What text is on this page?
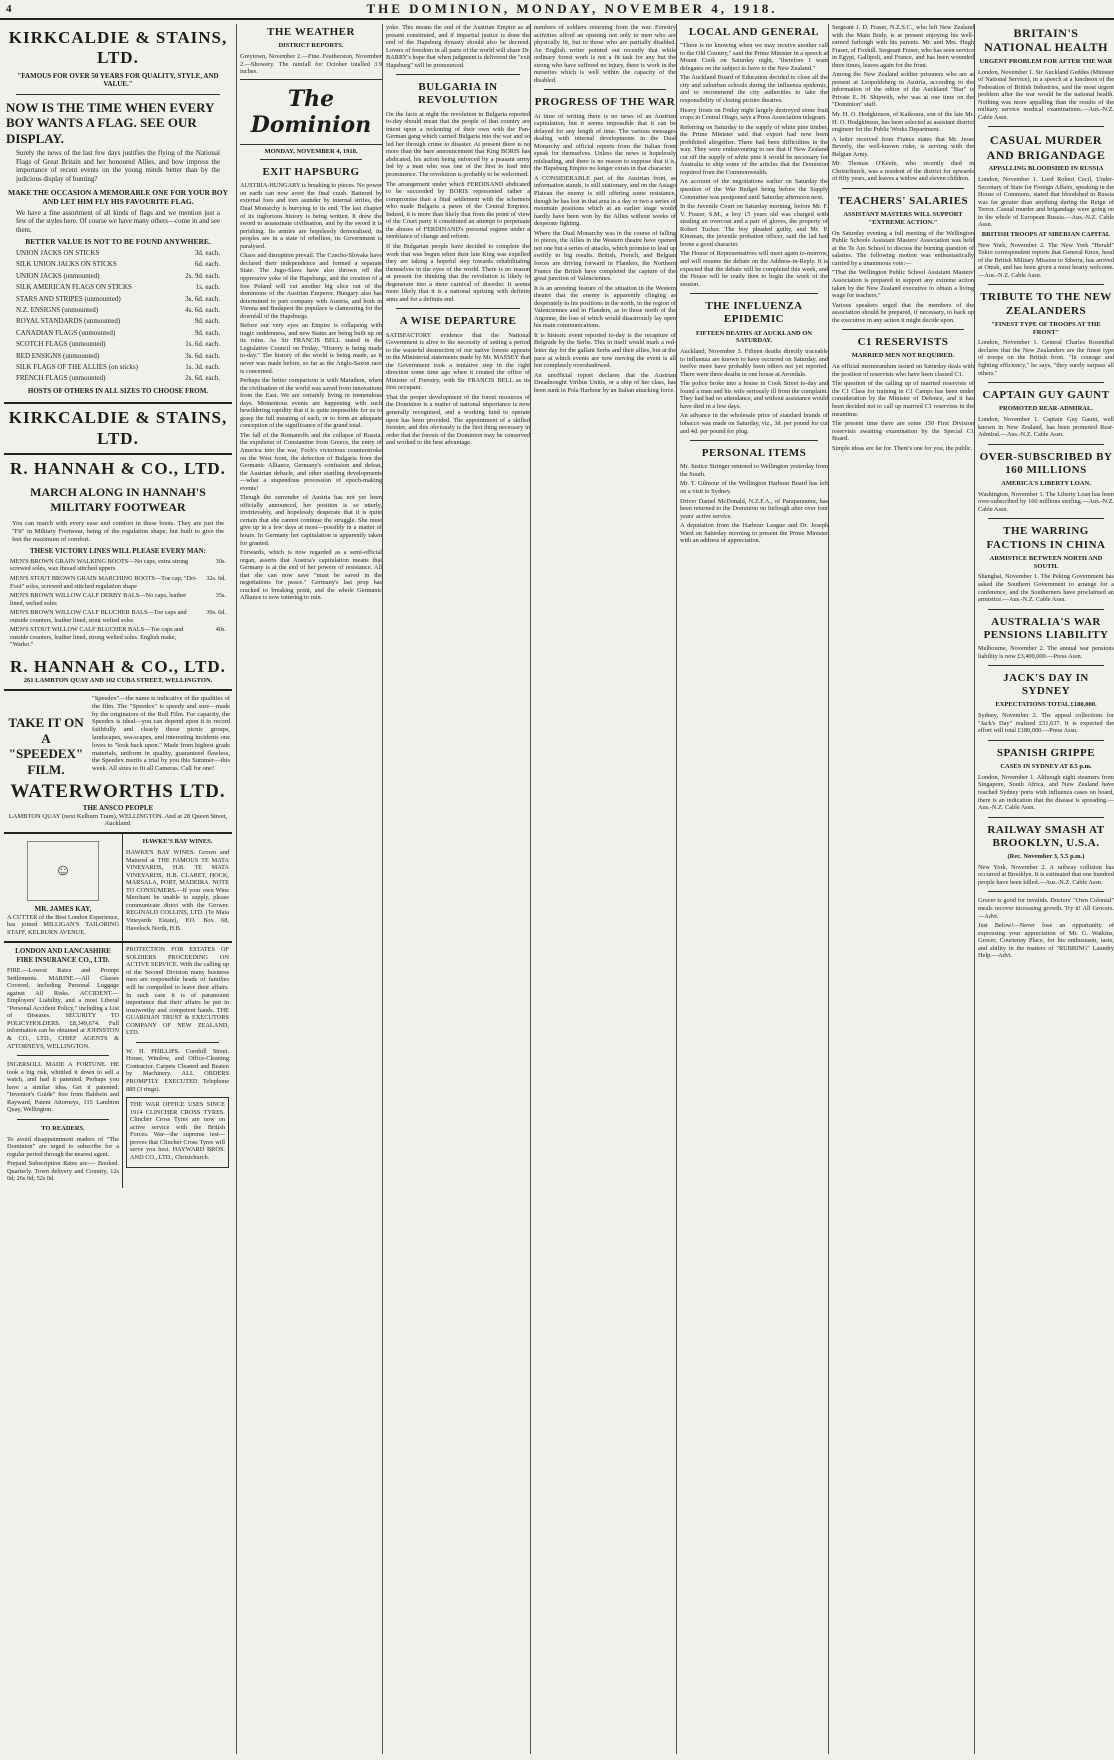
4	THE DOMINION, MONDAY, NOVEMBER 4, 1918.
KIRKCALDIE & STAINS, LTD.
"FAMOUS FOR OVER 50 YEARS FOR QUALITY, STYLE, AND VALUE."
NOW IS THE TIME WHEN EVERY BOY WANTS A FLAG. SEE OUR DISPLAY.

Surely the news of the last few days justifies the flying of the National Flags of Great Britain and her honoured Allies, and how impress the importance of recent events on the young minds better than by the judicious display of bunting?

MAKE THE OCCASION A MEMORABLE ONE FOR YOUR BOY AND LET HIM FLY HIS FAVOURITE FLAG.

We have a fine assortment of all kinds of flags and we mention just a few of the styles here. Of course we have many others—come in and see them.

BETTER VALUE IS NOT TO BE FOUND ANYWHERE.
UNION JACKS ON STICKS	3d. each.
SILK UNION JACKS ON STICKS	6d. each.
UNION JACKS (unmounted)	2s. 9d. each.
SILK AMERICAN FLAGS ON STICKS	1s. each.
STARS AND STRIPES (unmounted)	3s. 6d. each.
N.Z. ENSIGNS (unmounted)	4s. 6d. each.
ROYAL STANDARDS (unmounted)	9d. each.
CANADIAN FLAGS (unmounted)	9d. each.
SCOTCH FLAGS (unmounted)	1s. 6d. each.
RED ENSIGNS (unmounted)	3s. 6d. each.
SILK FLAGS OF THE ALLIES (on sticks)	1s. 3d. each.
FRENCH FLAGS (unmounted)	2s. 6d. each.
HOSTS OF OTHERS IN ALL SIZES TO CHOOSE FROM.
KIRKCALDIE & STAINS, LTD.
R. HANNAH & CO., LTD.
MARCH ALONG IN HANNAH'S MILITARY FOOTWEAR

You can march with every ease and comfort in these boots. They are just the "Fit" in Military Footwear, being of the regulation shape, but built to give the feet the maximum of comfort.

THESE VICTORY LINES WILL PLEASE EVERY MAN:
MEN'S BROWN GRAIN WALKING BOOTS—No caps, extra strong screwed soles, wax thread stitched uppers
30s.
MEN'S STOUT BROWN GRAIN MARCHING BOOTS—Toe cap, "Dri-Foot" soles, screwed and stitched regulation shape
32s. 6d.
MEN'S BROWN WILLOW CALF DERBY BALS—No caps, leather lined, welted soles
35s.
MEN'S BROWN WILLOW CALF BLUCHER BALS—Toe caps and outside counters, leather lined, stout welted soles
39s. 6d.
MEN'S STOUT WILLOW CALF BLUCHER BALS—Toe caps and outside counters, leather lined, strong welted soles. English make, "Warko."
40s.
R. HANNAH & CO., LTD.
261 LAMBTON QUAY AND 102 CUBA STREET, WELLINGTON.
TAKE IT ON A "SPEEDEX" FILM.

"Speedex"—the name is indicative of the qualities of the film. The "Speedex" is speedy and sure—made by the originators of the Roll Film. For capacity, the Speedex is ideal—you can depend upon it to record faithfully and clearly those picnic groups, landscapes, sea-scapes, and interesting incidents one loves to "look back upon." Made from highest grade materials, uniform in quality, guaranteed flawless, the Speedex merits a trial by you this Summer—this week. All sizes to fit all Cameras. Call for one!

WATERWORTHS LTD.
THE ANSCO PEOPLE
LAMBTON QUAY (next Kelburn Tram), WELLINGTON. And at 28 Queen Street, Auckland.
☺
MR. JAMES KAY,

A CUTTER of the Best London Experience, has joined MILLIGAN'S TAILORING STAFF, KELBURN AVENUE.

HAWKE'S BAY WINES.

HAWKE'S BAY WINES. Grown and Matured at THE FAMOUS TE MATA VINEYARDS, H.B. TE MATA VINEYARDS, H.B. CLARET, HOCK, MARSALA, PORT, MADEIRA. NOTE TO CONSUMERS.—If your own Wine Merchant be unable to supply, please communicate direct with the Grower. REGINALD COLLINS, LTD. (Te Mata Vineyards Estate), P.O. Box 68, Havelock North, H.B.

LONDON AND LANCASHIRE FIRE INSURANCE CO., LTD.

FIRE.—Lowest Rates and Prompt Settlements. MARINE.—All Classes Covered, including Personal Luggage against All Risks. ACCIDENT.—Employers' Liability, and a most Liberal "Personal Accident Policy," including a List of Diseases. SECURITY TO POLICYHOLDERS. £8,349,674. Full information can be obtained at JOHNSTON & CO., LTD., CHIEF AGENTS & ATTORNEYS, WELLINGTON.

INGERSOLL MADE A FORTUNE. HE took a big risk, whittled it down to sell a watch, and had it patented. Perhaps you have a similar idea. Get it patented. "Inventor's Guide" free from Baldwin and Rayward, Patent Attorneys, 115 Lambton Quay, Wellington.

TO READERS.

To avoid disappointment readers of "The Dominion" are urged to subscribe for a regular period through the nearest agent.

Prepaid Subscription Rates are:— Booked. Quarterly. Town delivery and Country, 12s 0d; 26s 0d; 52s 0d.

PROTECTION FOR ESTATES OF SOLDIERS PROCEEDING ON ACTIVE SERVICE. With the calling up of the Second Division many business men are responsible heads of families will be compelled to leave their affairs. In such case it is of paramount importance that their affairs be put in trustworthy and competent hands. THE GUARDIAN TRUST & EXECUTORS COMPANY OF NEW ZEALAND, LTD.

W. H. PHILLIPS. Cornhill Street. House, Window, and Office-Cleaning Contractor. Carpets Cleaned and Beaten by Machinery. ALL ORDERS PROMPTLY EXECUTED Telephone 889 (3 rings).

THE WAR OFFICE USES SINCE 1914 CLINCHER CROSS TYRES. Clincher Cross Tyres are now on active service with the British Forces. War—the supreme test—proves that Clincher Cross Tyres will serve you best. HAYWARD BROS. AND CO., LTD., Christchurch.

THE WEATHER
DISTRICT REPORTS.

Greytown, November 2.—Fine. Featherston, November 2.—Showery. The rainfall for October totalled 3.9 inches.

The Dominion
MONDAY, NOVEMBER 4, 1918.
EXIT HAPSBURG

AUSTRIA-HUNGARY is breaking to pieces. No power on earth can now avert the final crash. Battered by external foes and torn asunder by internal strifes, the Dual Monarchy is hurrying to its end. The last chapter of its inglorious history is being written. It drew the sword to assassinate civilisation, and by the sword it is perishing. Its armies are hopelessly demoralised, its peoples are in a state of rebellion, its Government is paralysed.

Chaos and disruption prevail. The Czecho-Slovaks have declared their independence and formed a separate State. The Jugo-Slavs have also thrown off the oppressive yoke of the Hapsburgs, and the creation of a free Poland will cut another big slice out of the dominions of the Austrian Emperor. Hungary also has determined to part company with Austria, and both in Vienna and Budapest the populace is clamouring for the downfall of the Hapsburgs.

Before our very eyes an Empire is collapsing with tragic suddenness, and new States are being built up on its ruins. As Sir FRANCIS BELL stated in the Legislative Council on Friday, "History is being made to-day." The history of the world is being made, as it never was made before, so far as the Anglo-Saxon race is concerned.

Perhaps the better comparison is with Marathon, when the civilisation of the world was saved from innovations from the East. We are certainly living in tremendous days. Momentous events are happening with such bewildering rapidity that it is quite impossible for us to grasp the full meaning of each, or to form an adequate conception of the significance of the grand total.

The fall of the Romanoffs and the collapse of Russia, the expulsion of Constantine from Greece, the entry of America into the war, Foch's victorious counterstroke on the West front, the defection of Bulgaria from the Germanic Alliance, Germany's confusion and defeat, the Austrian debacle, and other startling developments—what a stupendous procession of epoch-making events!

Though the surrender of Austria has not yet been officially announced, her position is so utterly, irretrievably, and hopelessly desperate that it is quite certain that she cannot continue the struggle. She must give up in a few days at most—possibly in a matter of hours. In Germany her capitulation is apparently taken for granted.

Forwards, which is now regarded as a semi-official organ, asserts that Austria's capitulation means that Germany is at the end of her powers of resistance. All that she can now save "must be saved in the negotiations for peace." Germany's last prop has cracked to breaking point, and the whole Germanic Alliance is now tottering to ruin.

yoke. This means the end of the Austrian Empire as at present constituted, and if impartial justice is done the end of the Hapsburg dynasty should also be decreed. Lovers of freedom in all parts of the world will share Dr. BARRY's hope that when judgment is delivered the "exit Hapsburg" will be pronounced.

BULGARIA IN REVOLUTION

On the facts at night the revolution in Bulgaria reported to-day should mean that the people of that country are intent upon a reckoning of their own with the Pan-German gang which carried Bulgaria into the war and so led her through crime to disaster. At present there is no more than the bare announcement that King BORIS has abdicated, his action being enforced by a peasant army led by a man who was one of the first to lead into prominence. The revolution is probably to be welcomed.

The arrangement under which FERDINAND abdicated to be succeeded by BORIS represented rather a compromise than a final settlement with the schemers who made Bulgaria a pawn of the Central Empires. Indeed, it is more than likely that from the point of view of the Court party it constituted an attempt to perpetuate the abuses of FERDINAND's personal regime under a semblance of change and reform.

If the Bulgarian people have decided to complete the work that was begun when their late King was expelled they are taking a hopeful step towards rehabilitating themselves in the eyes of the world. There is no reason at present for thinking that the revolution is likely to degenerate into a mere carnival of disorder. It seems more likely that it is a national uprising with definite aims and for a definite end.

A WISE DEPARTURE

SATISFACTORY evidence that the National Government is alive to the necessity of setting a period to the wasteful destruction of our native forests appears in the Ministerial statements made by Mr. MASSEY that the Government took a tentative step in the right direction some time ago when it created the office of Minister of Forestry, with Sir FRANCIS BELL as its first occupant.

That the proper development of the forest resources of the Dominion is a matter of national importance is now generally recognised, and a working fund to operate upon has been provided. The appointment of a skilled forester, and this obviously is the first thing necessary in order that the forests of the Dominion may be conserved and worked to the best advantage.

numbers of soldiers returning from the war. Forestry activities afford an opening not only to men who are physically fit, but to those who are partially disabled. An English writer pointed out recently that while ordinary forest work is not a fit task for any but the strong who have suffered no injury, there is work in the nurseries which is well within the capacity of the disabled.

PROGRESS OF THE WAR

At time of writing there is no news of an Austrian capitulation, but it seems impossible that it can be delayed for any length of time. The various messages dealing with internal developments in the Dual Monarchy and official reports from the Italian front speak for themselves. Unless the news is hopelessly misleading, and there is no reason to suppose that it is, the Hapsburg Empire no longer exists in that character.

A CONSIDERABLE part of the Austrian front, as information stands, is still stationary, and on the Asiago Plateau the enemy is still offering some resistance, though he has lost in that area in a day or two a series of mountain positions which at an earlier stage would hardly have been won by the Allies without weeks of desperate fighting.

Where the Dual Monarchy was in the course of falling to pieces, the Allies in the Western theatre have opened not one but a series of attacks, which promise to lead up swiftly to big results. British, French, and Belgian forces are driving forward in Flanders, the Northern France the British have completed the capture of the great junction of Valenciennes.

It is an arresting feature of the situation in the Western theatre that the enemy is apparently clinging as desperately to his positions in the north, in the region of Valenciennes and in Flanders, as to those north of the Argonne, the loss of which would disastrously lay open his main communications.

It is historic event reported to-day is the recapture of Belgrade by the Serbs. This in itself would mark a red-letter day for the gallant Serbs and their allies, but at the pace at which events are now moving the event is all but completely overshadowed.

An unofficial report declares that the Austrian Dreadnought Viribus Unitis, or a ship of her class, has been sunk in Pola Harbour by an Italian attacking force.

LOCAL AND GENERAL

"There is no knowing when we may receive another call to the Old Country," said the Prime Minister in a speech at Mount Cook on Saturday night, "therefore I want delegates on the subject to have to the New Zealand."

The Auckland Board of Education decided to close all the city and suburban schools during the influenza epidemic, and to recommend the city authorities to take the responsibility of closing picture theatres.

Heavy frosts on Friday night largely destroyed stone fruit crops in Central Otago, says a Press Association telegram.

Referring on Saturday to the supply of white pine timber, the Prime Minister said that export had now been prohibited altogether. There had been difficulties in the way. They were endeavouring to see that if New Zealand cut off the supply of white pine it would be necessary for Australia to ship some of the articles that the Dominion required from the Commonwealth.

An account of the negotiations earlier on Saturday the question of the War Budget being before the Supply Committee was postponed until Saturday afternoon next.

In the Juvenile Court on Saturday morning, before Mr. F. V. Frazer, S.M., a boy 15 years old was charged with stealing an overcoat and a pair of gloves, the property of Robert Tucker. The boy pleaded guilty, and Mr. P. Kinsman, the juvenile probation officer, said the lad had borne a good character.

The House of Representatives will meet again to-morrow, and will resume the debate on the Address-in-Reply. It is expected that the debate will be completed this week, and the House will be ready then to begin the work of the session.

THE INFLUENZA EPIDEMIC
FIFTEEN DEATHS AT AUCKLAND ON SATURDAY.

Auckland, November 3. Fifteen deaths directly traceable to influenza are known to have occurred on Saturday, and twelve more have probably been others not yet reported. There were three deaths in one house at Avondale.

The police broke into a house in Cook Street to-day and found a man and his wife seriously ill from the complaint. They had had no attendance, and without assistance would have died in a few days.

An advance in the wholesale price of standard brands of tobacco was made on Saturday, viz., 3d. per pound for cut and 4d. per pound for plug.

PERSONAL ITEMS

Mr. Justice Stringer returned to Wellington yesterday from the South.

Mr. T. Gilmour of the Wellington Harbour Board has left on a visit to Sydney.

Driver Daniel McDonald, N.Z.F.A., of Paraparaumu, has been returned to the Dominion on furlough after over four years' active service.

A deputation from the Harbour League and Dr. Joseph Ward on Saturday morning to present the Prime Minister with an address of appreciation.

Sergeant J. D. Fraser, N.Z.S.C., who left New Zealand with the Main Body, is at present enjoying his well-earned furlough with his parents. Mr. and Mrs. Hugh Fraser, of Foxhill. Sergeant Fraser, who has seen service in Egypt, Gallipoli, and France, and has been wounded three times, leaves again for the front.

Among the New Zealand soldier prisoners who are at present at Leopoldsberg in Austria, according to the information of the editor of the Auckland "Star" is Private E. H. Shipwith, who was at one time on the "Dominion" staff.

Mr. H. O. Hodgkinson, of Kaikoura, son of the late Mr. H. O. Hodgkinson, has been selected as assistant district engineer for the Public Works Department.

A letter received from France states that Mr. Jesse Beverly, the well-known rider, is serving with the Belgian Army.

Mr. Thomas O'Keefe, who recently died in Christchurch, was a resident of the district for upwards of fifty years, and leaves a widow and eleven children.

TEACHERS' SALARIES
ASSISTANT MASTERS WILL SUPPORT "EXTREME ACTION."

On Saturday evening a full meeting of the Wellington Public Schools Assistant Masters' Association was held at the Te Aro School to discuss the burning question of salaries. The following motion was enthusiastically carried by a unanimous vote:—

"That the Wellington Public School Assistant Masters' Association is prepared to support any extreme action taken by the New Zealand executive to obtain a living wage for teachers."

Various speakers urged that the members of the association should be prepared, if necessary, to back up the executive in any action it might decide upon.

C1 RESERVISTS
MARRIED MEN NOT REQUIRED.

An official memorandum issued on Saturday deals with the position of reservists who have been classed C1.

The question of the calling up of married reservists of the C1 Class for training in C1 Camps has been under consideration by the Minister of Defence, and it has been decided not to call up married C1 reservists in the meantime.

The present time there are some 150 First Division reservists awaiting examination by the Special C1 Board.

Simple ideas are far for. There's one for you, the public.

BRITAIN'S NATIONAL HEALTH
URGENT PROBLEM FOR AFTER THE WAR

London, November 1. Sir Auckland Geddes (Minister of National Service), in a speech at a luncheon of the Federation of British Industries, said the most urgent problem after the war would be the national health. Nothing was more appalling than the results of the military service medical examinations.—Aus.-N.Z. Cable Assn.

CASUAL MURDER AND BRIGANDAGE
APPALLING BLOODSHED IN RUSSIA

London, November 1. Lord Robert Cecil, Under-Secretary of State for Foreign Affairs, speaking in the House of Commons, stated that bloodshed in Russia was far greater than anything during the Reign of Terror. Casual murder and brigandage were going on in the whole of European Russia.—Aus.-N.Z. Cable Assn.

BRITISH TROOPS AT SIBERIAN CAPITAL

New York, November 2. The New York "Herald" Tokio correspondent reports that General Knox, head of the British Military Mission to Siberia, has arrived at Omsk, and has been given a most hearty welcome.—Aus.-N.Z. Cable Assn.

TRIBUTE TO THE NEW ZEALANDERS
"FINEST TYPE OF TROOPS AT THE FRONT"

London, November 1. General Charles Rosenthal declares that the New Zealanders are the finest type of troops on the British front. "In courage and fighting efficiency," he says, "they surely surpass all others."

CAPTAIN GUY GAUNT
PROMOTED REAR-ADMIRAL.

London, November 1. Captain Guy Gaunt, well known in New Zealand, has been promoted Rear-Admiral.—Aus.-N.Z. Cable Assn.

OVER-SUBSCRIBED BY 160 MILLIONS
AMERICA'S LIBERTY LOAN.

Washington, November 1. The Liberty Loan has been over-subscribed by 160 millions sterling.—Aus.-N.Z. Cable Assn.

THE WARRING FACTIONS IN CHINA
ARMISTICE BETWEEN NORTH AND SOUTH.

Shanghai, November 1. The Peking Government has asked the Southern Government to arrange for a conference, and the Southerners have proclaimed an armistice.—Aus.-N.Z. Cable Assn.

AUSTRALIA'S WAR PENSIONS LIABILITY

Melbourne, November 2. The annual war pensions liability is now £3,400,000.—Press Assn.

JACK'S DAY IN SYDNEY
EXPECTATIONS TOTAL £180,000.

Sydney, November 2. The appeal collections for "Jack's Day" realised £51,637. It is expected the effort will total £180,000.—Press Assn.

SPANISH GRIPPE
CASES IN SYDNEY AT 8.5 p.m.

London, November 1. Although eight steamers from Singapore, South Africa, and New Zealand have reached Sydney ports with influenza cases on board, there is an indication that the disease is spreading.—Aus.-N.Z. Cable Assn.

RAILWAY SMASH AT BROOKLYN, U.S.A.
(Rec. November 3, 5.5 p.m.)

New York, November 2. A railway collision has occurred at Brooklyn. It is estimated that one hundred people have been killed.—Aus.-N.Z. Cable Assn.

Grocer is good for invalids. Doctors' "Own Colonial" meals recover increasing growth. Try it! All Grocers.—Advt.

Just Below!—Never lose an opportunity of expressing your appreciation of Mr. G. Watkins, Grocer, Courtenay Place, for his enthusiasm, taste, and ability in the matters of "RUBBING" Laundry Help.—Advt.
